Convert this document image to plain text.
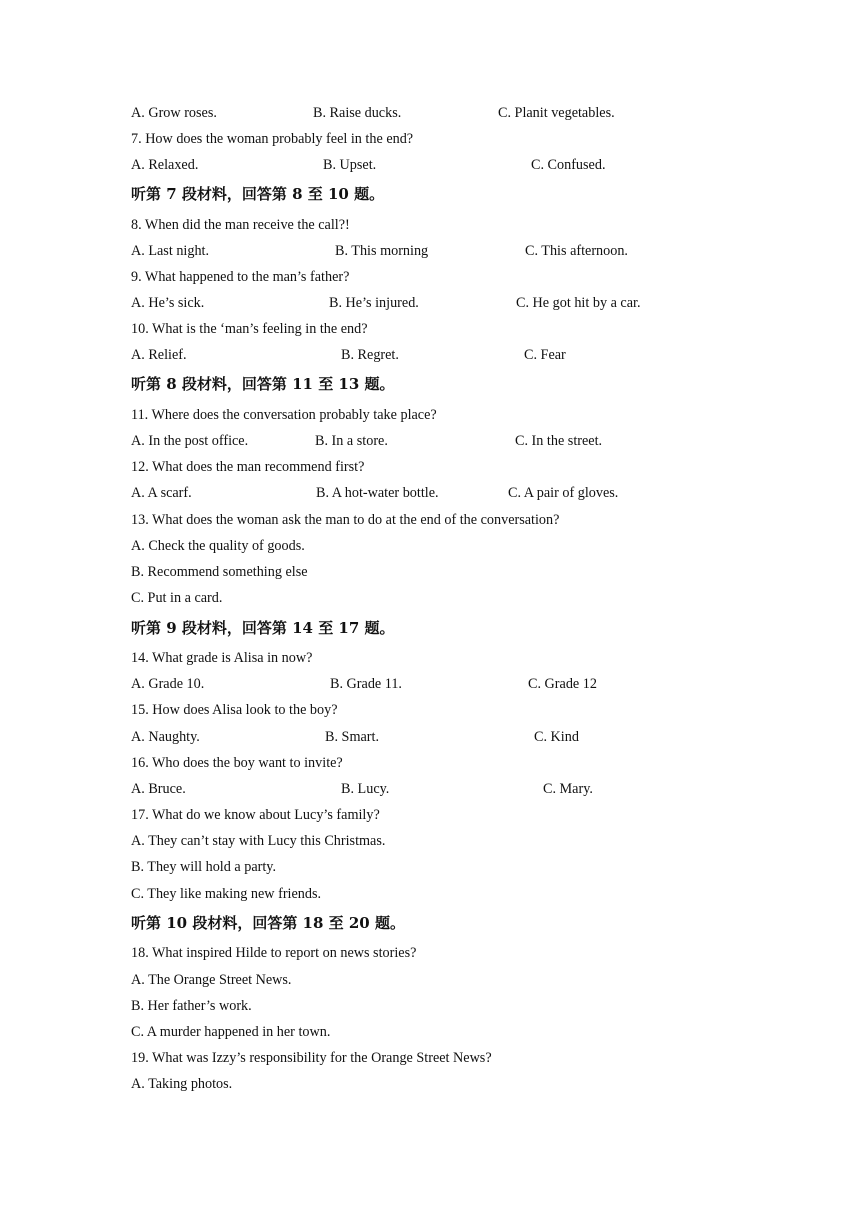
A. Grow roses.	B. Raise ducks.	C. Planit vegetables.
7. How does the woman probably feel in the end?
A. Relaxed.	B. Upset.	C. Confused.
听第 7 段材料，回答第 8 至 10 题。
8. When did the man receive the call?!
A. Last night.	B. This morning	C. This afternoon.
9. What happened to the man’s father?
A. He’s sick.	B. He’s injured.	C. He got hit by a car.
10. What is the ‘man’s feeling in the end?
A. Relief.	B. Regret.	C. Fear
听第 8 段材料，回答第 11 至 13 题。
11. Where does the conversation probably take place?
A. In the post office.	B. In a store.	C. In the street.
12. What does the man recommend first?
A. A scarf.	B. A hot-water bottle.	C. A pair of gloves.
13. What does the woman ask the man to do at the end of the conversation?
A. Check the quality of goods.
B. Recommend something else
C. Put in a card.
听第 9 段材料，回答第 14 至 17 题。
14. What grade is Alisa in now?
A. Grade 10.	B. Grade 11.	C. Grade 12
15. How does Alisa look to the boy?
A. Naughty.	B. Smart.	C. Kind
16. Who does the boy want to invite?
A. Bruce.	B. Lucy.	C. Mary.
17. What do we know about Lucy’s family?
A. They can’t stay with Lucy this Christmas.
B. They will hold a party.
C. They like making new friends.
听第 10 段材料，回答第 18 至 20 题。
18. What inspired Hilde to report on news stories?
A. The Orange Street News.
B. Her father’s work.
C. A murder happened in her town.
19. What was Izzy’s responsibility for the Orange Street News?
A. Taking photos.
